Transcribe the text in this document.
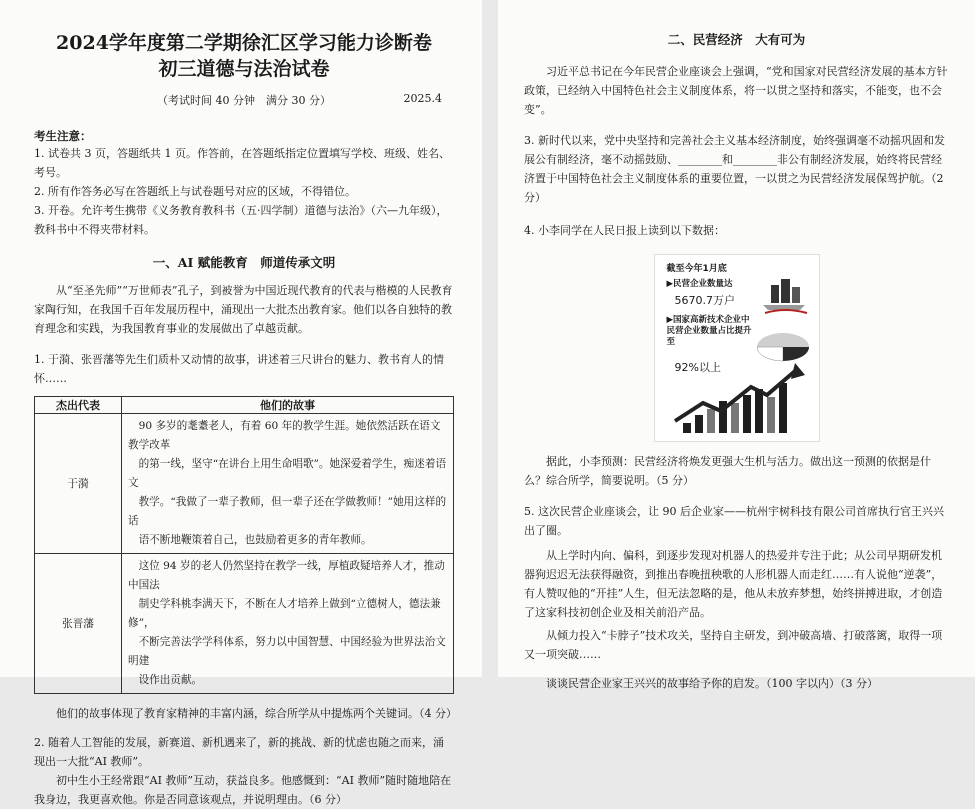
2024学年度第二学期徐汇区学习能力诊断卷
初三道德与法治试卷
（考试时间 40 分钟　满分 30 分）	2025.4
考生注意：

1. 试卷共 3 页，答题纸共 1 页。作答前，在答题纸指定位置填写学校、班级、姓名、考号。

2. 所有作答务必写在答题纸上与试卷题号对应的区域，不得错位。

3. 开卷。允许考生携带《义务教育教科书（五·四学制）道德与法治》（六—九年级），教科书中不得夹带材料。

一、AI 赋能教育　师道传承文明

从“至圣先师”“万世师表”孔子，到被誉为中国近现代教育的代表与楷模的人民教育家陶行知，在我国千百年发展历程中，涌现出一大批杰出教育家。他们以各自独特的教育理念和实践，为我国教育事业的发展做出了卓越贡献。

1. 于漪、张晋藩等先生们质朴又动情的故事，讲述着三尺讲台的魅力、教书育人的情怀……

杰出代表	他们的故事
于漪	90 多岁的耄耋老人，有着 60 年的教学生涯。她依然活跃在语文教学改革
的第一线，坚守“在讲台上用生命唱歌”。她深爱着学生，痴迷着语文
教学。“我做了一辈子教师，但一辈子还在学做教师！”她用这样的话
语不断地鞭策着自己，也鼓励着更多的青年教师。

张晋藩	这位 94 岁的老人仍然坚持在教学一线，厚植政疑培养人才，推动中国法
制史学科桃李满天下，不断在人才培养上做到“立德树人，德法兼修”，
不断完善法学学科体系，努力以中国智慧、中国经验为世界法治文明建
设作出贡献。

他们的故事体现了教育家精神的丰富内涵，综合所学从中提炼两个关键词。（4 分）

2. 随着人工智能的发展，新赛道、新机遇来了，新的挑战、新的忧虑也随之而来，涌现出一大批“AI 教师”。

初中生小王经常跟“AI 教师”互动，获益良多。他感慨到：“AI 教师”随时随地陪在我身边，我更喜欢他。你是否同意该观点，并说明理由。（6 分）

二、民营经济　大有可为

习近平总书记在今年民营企业座谈会上强调，“党和国家对民营经济发展的基本方针政策，已经纳入中国特色社会主义制度体系，将一以贯之坚持和落实，不能变，也不会变”。

3. 新时代以来，党中央坚持和完善社会主义基本经济制度，始终强调毫不动摇巩固和发展公有制经济，毫不动摇鼓励、________和________非公有制经济发展，始终将民营经济置于中国特色社会主义制度体系的重要位置，一以贯之为民营经济发展保驾护航。（2 分）

4. 小李同学在人民日报上读到以下数据：

截至今年1月底
▶民营企业数量达
5670.7万户
▶国家高新技术企业中民营企业数量占比提升至
92%以上

据此，小李预测：民营经济将焕发更强大生机与活力。做出这一预测的依据是什么？综合所学，简要说明。（5 分）

5. 这次民营企业座谈会，让 90 后企业家——杭州宇树科技有限公司首席执行官王兴兴出了圈。

从上学时内向、偏科，到逐步发现对机器人的热爱并专注于此；从公司早期研发机器狗迟迟无法获得融资，到推出春晚扭秧歌的人形机器人而走红……有人说他“逆袭”，有人赞叹他的“开挂”人生，但无法忽略的是，他从未放弃梦想，始终拼搏进取，才创造了这家科技初创企业及相关前沿产品。

从倾力投入“卡脖子”技术攻关，坚持自主研发，到冲破高墙、打破落篱，取得一项又一项突破……

谈谈民营企业家王兴兴的故事给予你的启发。（100 字以内）（3 分）
